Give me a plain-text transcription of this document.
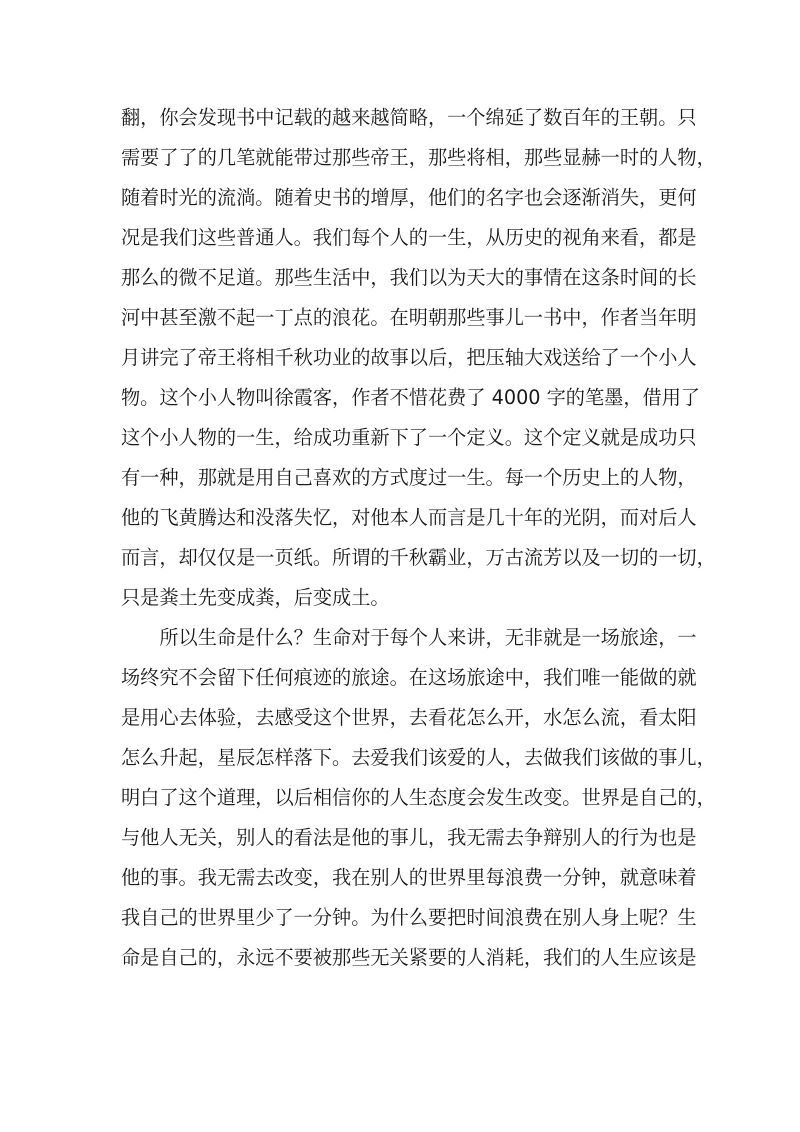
翻，你会发现书中记载的越来越简略，一个绵延了数百年的王朝。只
需要了了的几笔就能带过那些帝王，那些将相，那些显赫一时的人物，
随着时光的流淌。随着史书的增厚，他们的名字也会逐渐消失，更何
况是我们这些普通人。我们每个人的一生，从历史的视角来看，都是
那么的微不足道。那些生活中，我们以为天大的事情在这条时间的长
河中甚至激不起一丁点的浪花。在明朝那些事儿一书中，作者当年明
月讲完了帝王将相千秋功业的故事以后，把压轴大戏送给了一个小人
物。这个小人物叫徐霞客，作者不惜花费了 4000 字的笔墨，借用了
这个小人物的一生，给成功重新下了一个定义。这个定义就是成功只
有一种，那就是用自己喜欢的方式度过一生。每一个历史上的人物，
他的飞黄腾达和没落失忆，对他本人而言是几十年的光阴，而对后人
而言，却仅仅是一页纸。所谓的千秋霸业，万古流芳以及一切的一切，
只是粪土先变成粪，后变成土。
　　所以生命是什么？生命对于每个人来讲，无非就是一场旅途，一
场终究不会留下任何痕迹的旅途。在这场旅途中，我们唯一能做的就
是用心去体验，去感受这个世界，去看花怎么开，水怎么流，看太阳
怎么升起，星辰怎样落下。去爱我们该爱的人，去做我们该做的事儿，
明白了这个道理，以后相信你的人生态度会发生改变。世界是自己的，
与他人无关，别人的看法是他的事儿，我无需去争辩别人的行为也是
他的事。我无需去改变，我在别人的世界里每浪费一分钟，就意味着
我自己的世界里少了一分钟。为什么要把时间浪费在别人身上呢？生
命是自己的，永远不要被那些无关紧要的人消耗，我们的人生应该是
